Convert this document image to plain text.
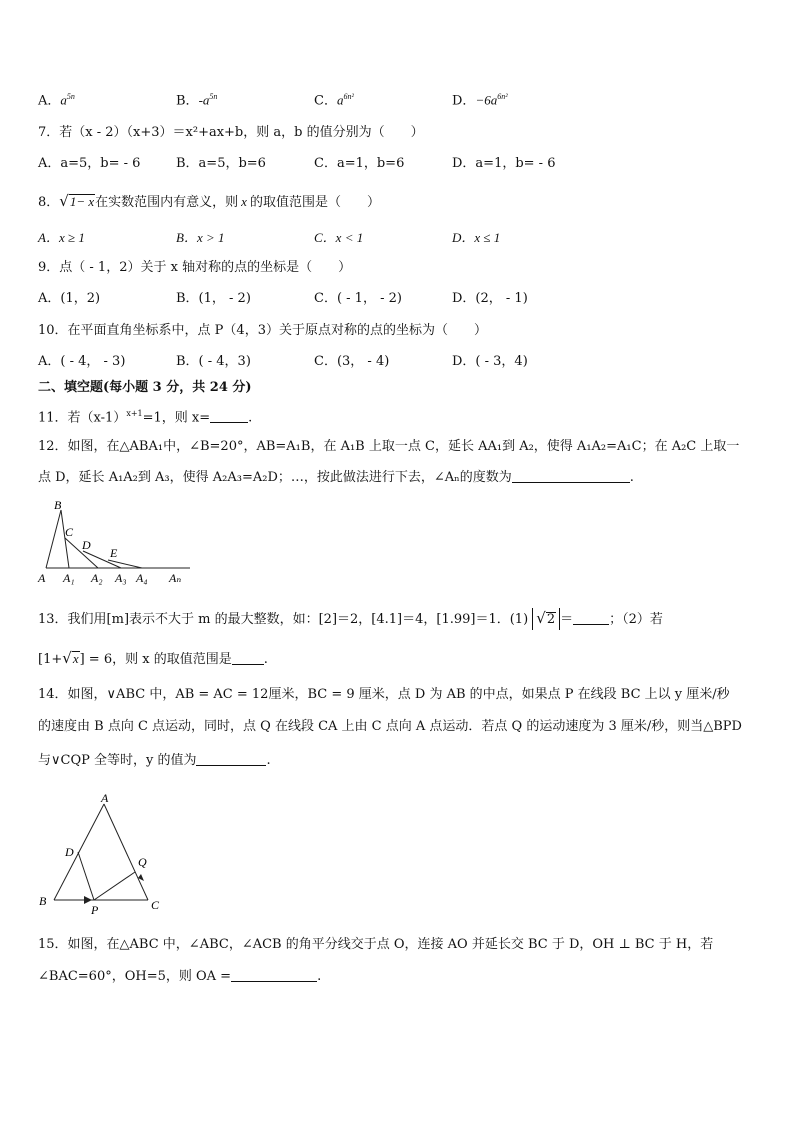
A．$a^{5n}$	B．$-a^{5n}$	C．$a^{6n^2}$	D．$-6a^{6n^2}$
7．若（x - 2）（x+3）＝x²+ax+b，则 a，b 的值分别为（　　）
A．a=5，b= - 6	B．a=5，b=6	C．a=1，b=6	D．a=1，b= - 6
8．√1− x在实数范围内有意义，则 x 的取值范围是（　　）
A．x ≥ 1	B．x > 1	C．x < 1	D．x ≤ 1
9．点（ - 1，2）关于 x 轴对称的点的坐标是（　　）
A．(1，2)	B．(1， - 2)	C．( - 1， - 2)	D．(2， - 1)
10．在平面直角坐标系中，点 P（4，3）关于原点对称的点的坐标为（　　）
A．( - 4， - 3)	B．( - 4，3)	C．(3， - 4)	D．( - 3，4)
二、填空题(每小题 3 分，共 24 分)
11．若$(x-1)^{x+1}=1$，则 x=	.
12．如图，在△ABA₁中，∠B=20°，AB=A₁B，在 A₁B 上取一点 C，延长 AA₁到 A₂，使得 A₁A₂=A₁C；在 A₂C 上取一
点 D，延长 A₁A₂到 A₃，使得 A₂A₃=A₂D；…，按此做法进行下去，∠Aₙ的度数为	.
B
C
D
E
A A₁ A₂ A₃ A₄ Aₙ
13．我们用[m]表示不大于 m 的最大整数，如：[2]＝2，[4.1]＝4，[1.99]＝1．(1) √2 ＝	；（2）若
[1+√x] = 6，则 x 的取值范围是 .
14．如图，∨ABC 中，AB = AC = 12厘米，BC = 9 厘米，点 D 为 AB 的中点，如果点 P 在线段 BC 上以 y 厘米/秒
的速度由 B 点向 C 点运动，同时，点 Q 在线段 CA 上由 C 点向 A 点运动．若点 Q 的运动速度为 3 厘米/秒，则当△BPD
与∨CQP 全等时，y 的值为	.
A
D
Q
B
P	C
15．如图，在△ABC 中，∠ABC，∠ACB 的角平分线交于点 O，连接 AO 并延长交 BC 于 D，OH ⊥ BC 于 H，若
∠BAC=60°，OH=5，则 OA =	.
